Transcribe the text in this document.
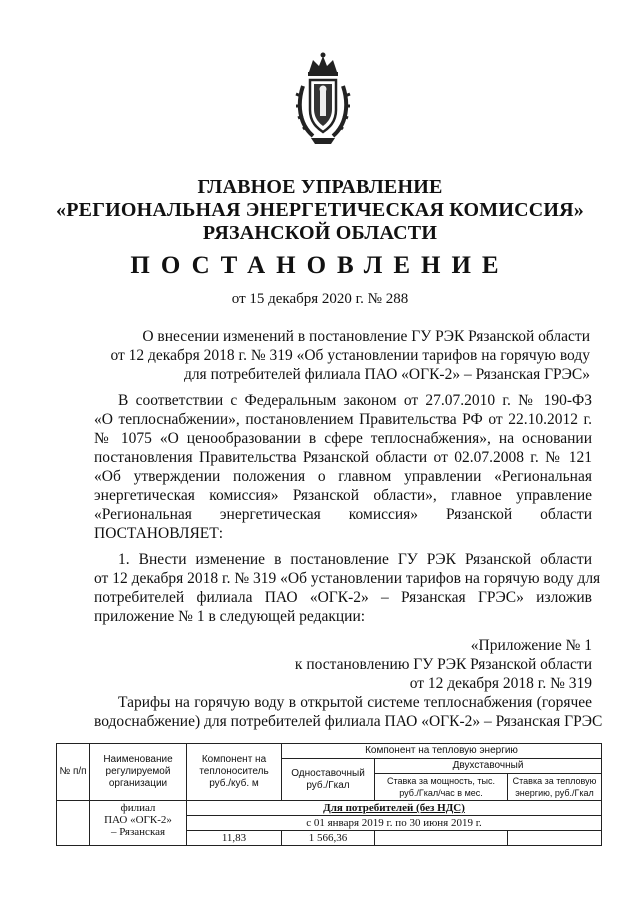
ГЛАВНОЕ УПРАВЛЕНИЕ
«РЕГИОНАЛЬНАЯ ЭНЕРГЕТИЧЕСКАЯ КОМИССИЯ»
РЯЗАНСКОЙ ОБЛАСТИ
ПОСТАНОВЛЕНИЕ
от 15 декабря 2020 г. № 288
О внесении изменений в постановление ГУ РЭК Рязанской области
от 12 декабря 2018 г. № 319 «Об установлении тарифов на горячую воду
для потребителей филиала ПАО «ОГК-2» – Рязанская ГРЭС»
В соответствии с Федеральным законом от 27.07.2010 г. № 190-ФЗ
«О теплоснабжении», постановлением Правительства РФ от 22.10.2012 г.
№ 1075 «О ценообразовании в сфере теплоснабжения», на основании
постановления Правительства Рязанской области от 02.07.2008 г. № 121
«Об утверждении положения о главном управлении «Региональная
энергетическая комиссия» Рязанской области», главное управление
«Региональная энергетическая комиссия» Рязанской области
ПОСТАНОВЛЯЕТ:
1. Внести изменение в постановление ГУ РЭК Рязанской области
от 12 декабря 2018 г. № 319 «Об установлении тарифов на горячую воду для
потребителей филиала ПАО «ОГК-2» – Рязанская ГРЭС» изложив
приложение № 1 в следующей редакции:
«Приложение № 1
к постановлению ГУ РЭК Рязанской области
от 12 декабря 2018 г. № 319
Тарифы на горячую воду в открытой системе теплоснабжения (горячее
водоснабжение) для потребителей филиала ПАО «ОГК-2» – Рязанская ГРЭС
№ п/п	Наименование регулируемой организации	Компонент на теплоноситель руб./куб. м	Компонент на тепловую энергию		
			Одноставочный руб./Гкал	Двухставочный	
				Ставка за мощность, тыс. руб./Гкал/час в мес.	Ставка за тепловую энергию, руб./Гкал

	филиал
ПАО «ОГК-2»
– Рязанская	Для потребителей (без НДС)			
		с 01 января 2019 г. по 30 июня 2019 г.			
		11,83	1 566,36		
